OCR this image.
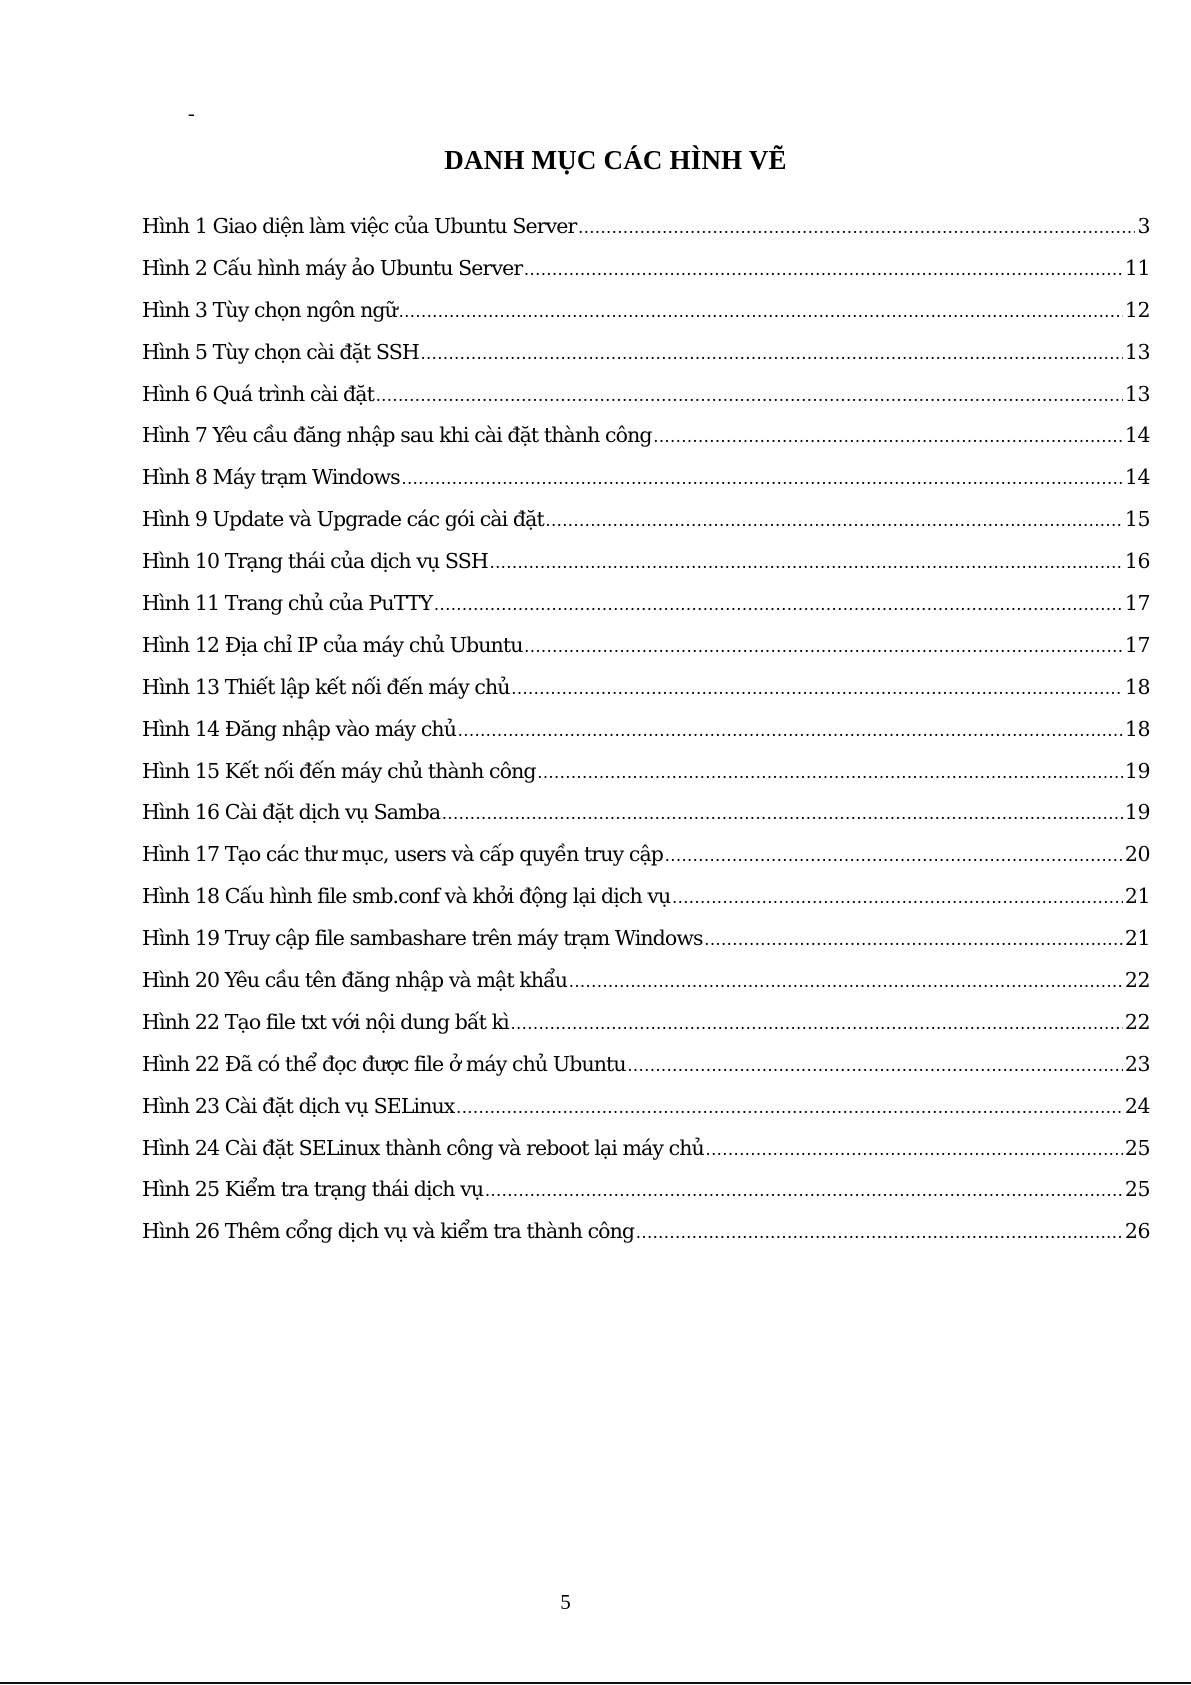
-
DANH MỤC CÁC HÌNH VẼ
Hình 1 Giao diện làm việc của Ubuntu Server .....	3
Hình 2 Cấu hình máy ảo Ubuntu Server .....	11
Hình 3 Tùy chọn ngôn ngữ .....	12
Hình 5 Tùy chọn cài đặt SSH .....	13
Hình 6 Quá trình cài đặt .....	13
Hình 7 Yêu cầu đăng nhập sau khi cài đặt thành công .....	14
Hình 8 Máy trạm Windows .....	14
Hình 9 Update và Upgrade các gói cài đặt .....	15
Hình 10 Trạng thái của dịch vụ SSH .....	16
Hình 11 Trang chủ của PuTTY .....	17
Hình 12 Địa chỉ IP của máy chủ Ubuntu .....	17
Hình 13 Thiết lập kết nối đến máy chủ .....	18
Hình 14 Đăng nhập vào máy chủ .....	18
Hình 15 Kết nối đến máy chủ thành công .....	19
Hình 16 Cài đặt dịch vụ Samba .....	19
Hình 17 Tạo các thư mục, users và cấp quyền truy cập .....	20
Hình 18 Cấu hình file smb.conf và khởi động lại dịch vụ .....	21
Hình 19 Truy cập file sambashare trên máy trạm Windows .....	21
Hình 20 Yêu cầu tên đăng nhập và mật khẩu .....	22
Hình 22 Tạo file txt với nội dung bất kì .....	22
Hình 22 Đã có thể đọc được file ở máy chủ Ubuntu .....	23
Hình 23 Cài đặt dịch vụ SELinux .....	24
Hình 24 Cài đặt SELinux thành công và reboot lại máy chủ .....	25
Hình 25 Kiểm tra trạng thái dịch vụ .....	25
Hình 26 Thêm cổng dịch vụ và kiểm tra thành công .....	26
5
